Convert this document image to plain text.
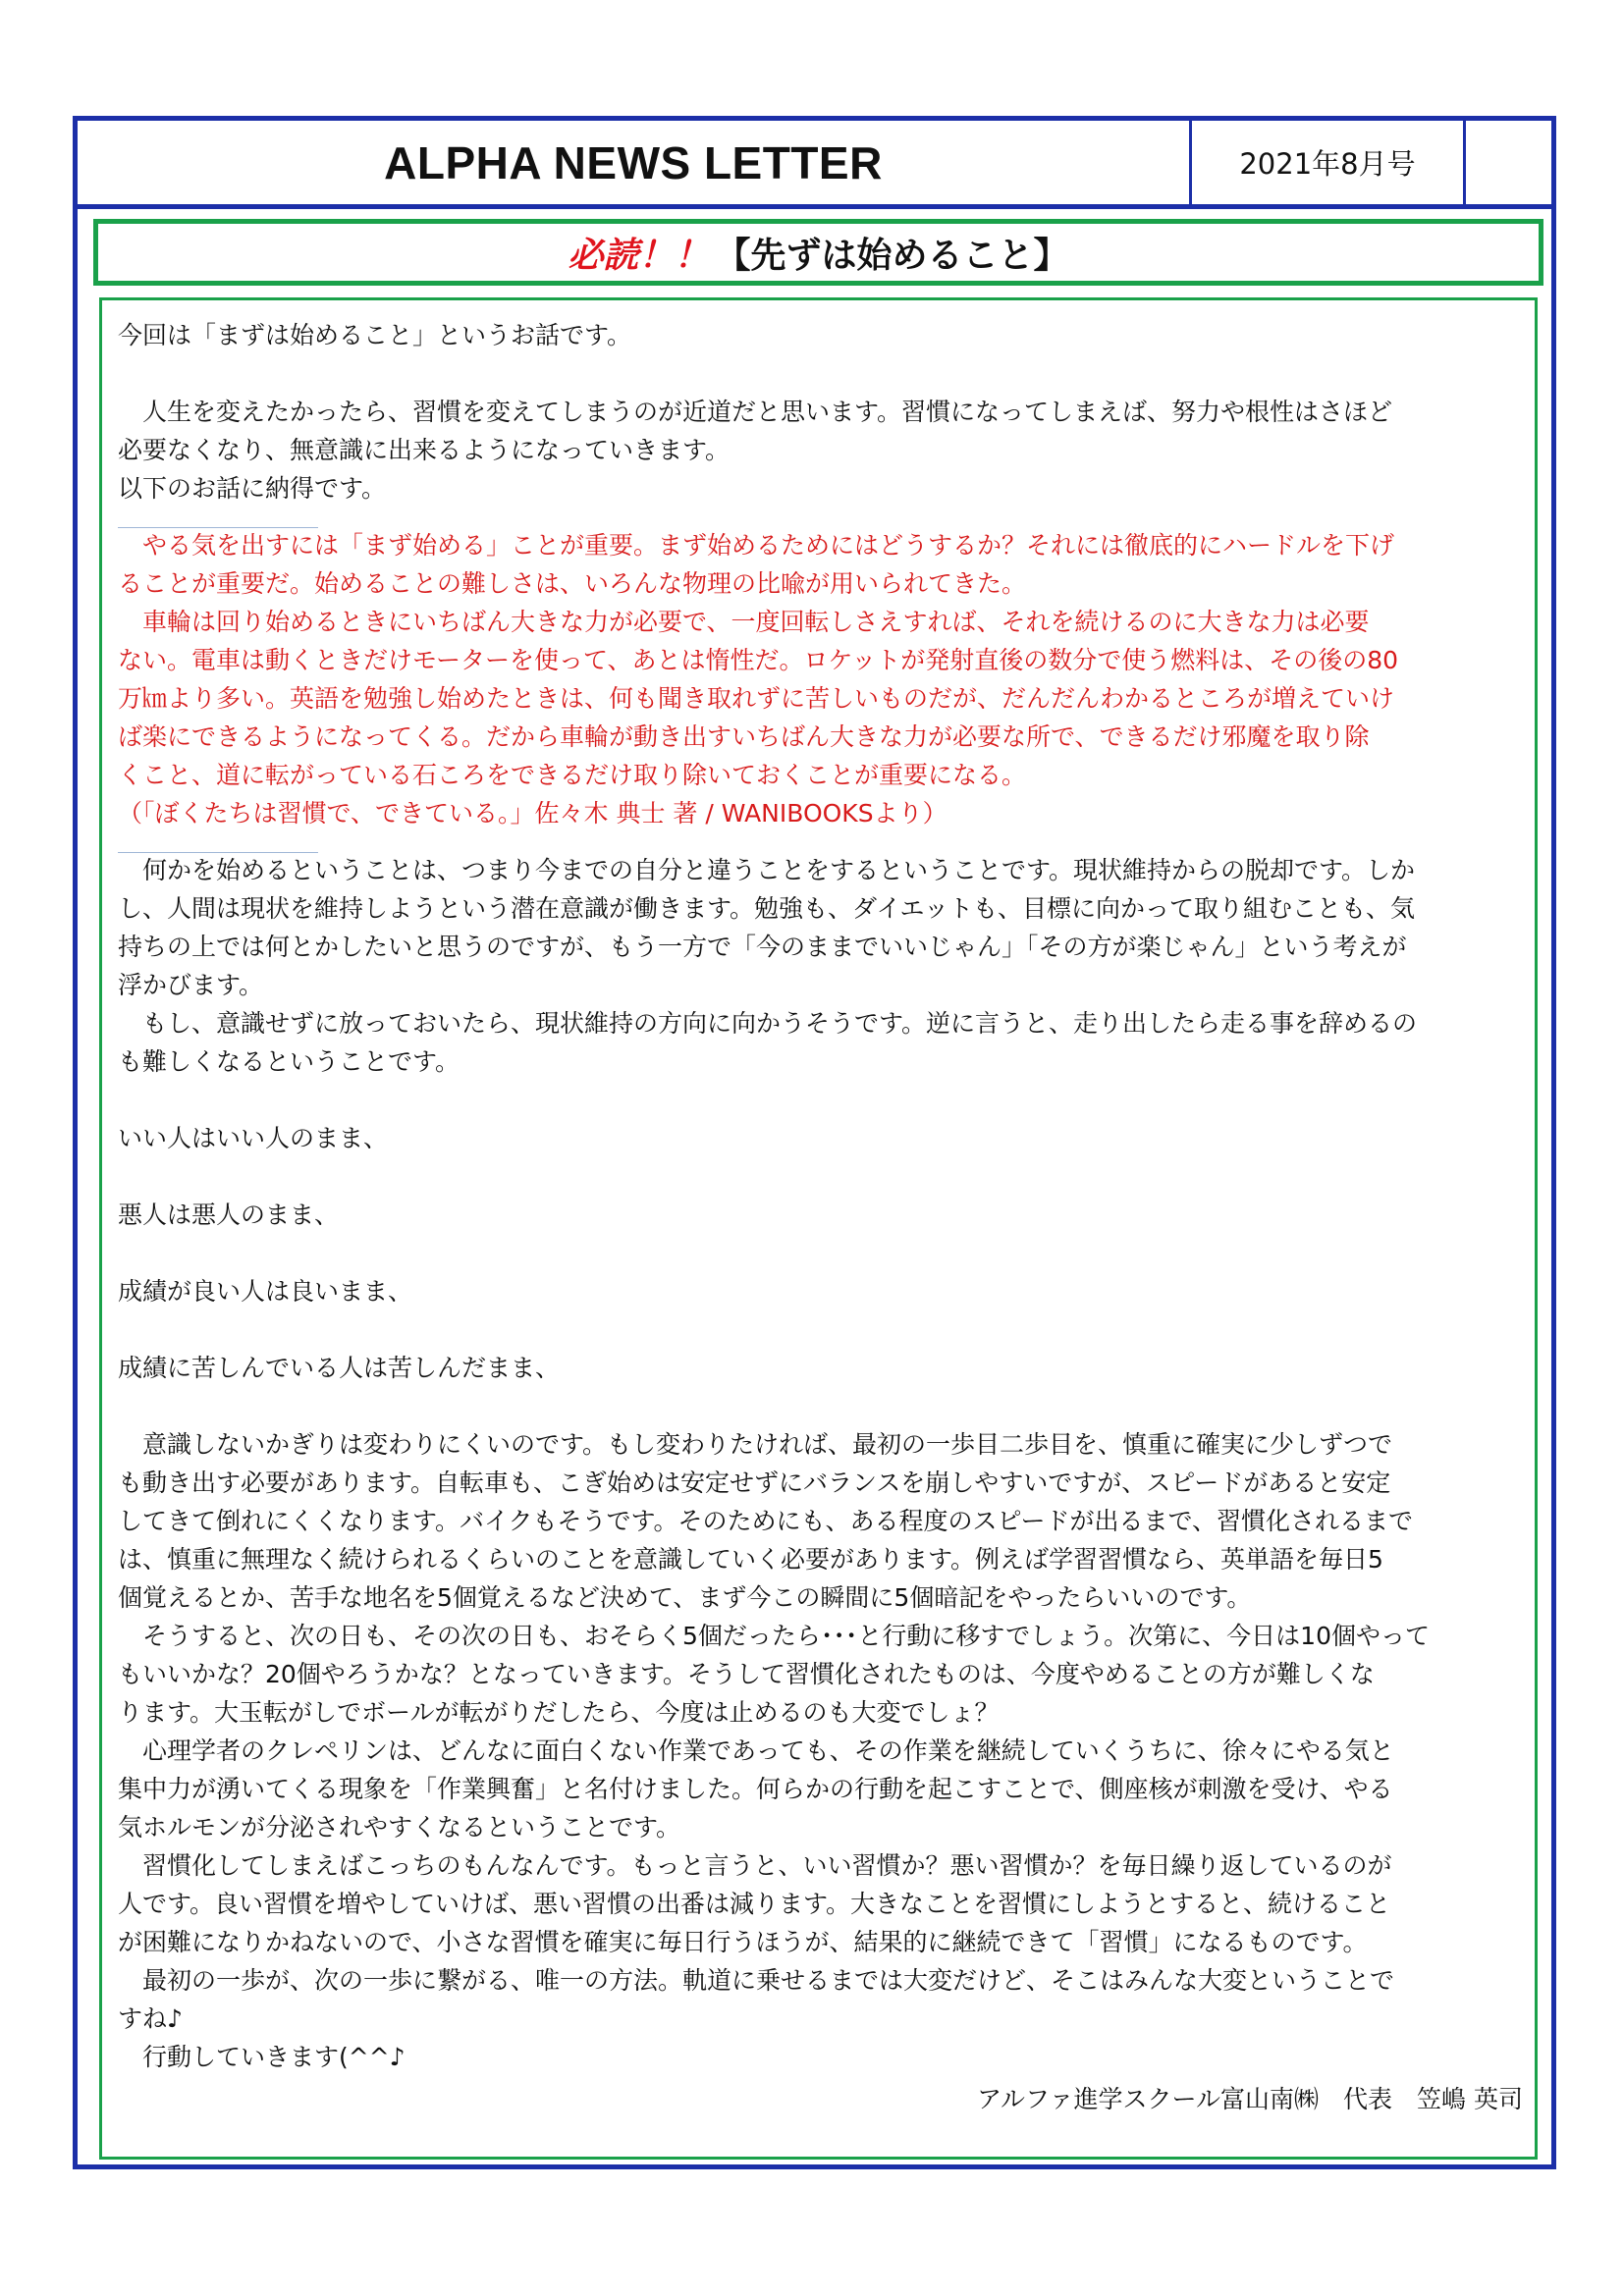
ALPHA NEWS LETTER	2021年8月号
必読！！ 【先ずは始めること】

今回は「まずは始めること」というお話です。

　人生を変えたかったら、習慣を変えてしまうのが近道だと思います。習慣になってしまえば、努力や根性はさほど

必要なくなり、無意識に出来るようになっていきます。

以下のお話に納得です。

　やる気を出すには「まず始める」ことが重要。まず始めるためにはどうするか？それには徹底的にハードルを下げ

ることが重要だ。始めることの難しさは、いろんな物理の比喩が用いられてきた。

　車輪は回り始めるときにいちばん大きな力が必要で、一度回転しさえすれば、それを続けるのに大きな力は必要

ない。電車は動くときだけモーターを使って、あとは惰性だ。ロケットが発射直後の数分で使う燃料は、その後の80

万㎞より多い。英語を勉強し始めたときは、何も聞き取れずに苦しいものだが、だんだんわかるところが増えていけ

ば楽にできるようになってくる。だから車輪が動き出すいちばん大きな力が必要な所で、できるだけ邪魔を取り除

くこと、道に転がっている石ころをできるだけ取り除いておくことが重要になる。

（「ぼくたちは習慣で、できている。」佐々木 典士 著 / WANIBOOKSより）

　何かを始めるということは、つまり今までの自分と違うことをするということです。現状維持からの脱却です。しか

し、人間は現状を維持しようという潜在意識が働きます。勉強も、ダイエットも、目標に向かって取り組むことも、気

持ちの上では何とかしたいと思うのですが、もう一方で「今のままでいいじゃん」「その方が楽じゃん」という考えが

浮かびます。

　もし、意識せずに放っておいたら、現状維持の方向に向かうそうです。逆に言うと、走り出したら走る事を辞めるの

も難しくなるということです。

いい人はいい人のまま、

悪人は悪人のまま、

成績が良い人は良いまま、

成績に苦しんでいる人は苦しんだまま、

　意識しないかぎりは変わりにくいのです。もし変わりたければ、最初の一歩目二歩目を、慎重に確実に少しずつで

も動き出す必要があります。自転車も、こぎ始めは安定せずにバランスを崩しやすいですが、スピードがあると安定

してきて倒れにくくなります。バイクもそうです。そのためにも、ある程度のスピードが出るまで、習慣化されるまで

は、慎重に無理なく続けられるくらいのことを意識していく必要があります。例えば学習習慣なら、英単語を毎日5

個覚えるとか、苦手な地名を5個覚えるなど決めて、まず今この瞬間に5個暗記をやったらいいのです。

　そうすると、次の日も、その次の日も、おそらく5個だったら･･･と行動に移すでしょう。次第に、今日は10個やって

もいいかな？20個やろうかな？となっていきます。そうして習慣化されたものは、今度やめることの方が難しくな

ります。大玉転がしでボールが転がりだしたら、今度は止めるのも大変でしょ？

　心理学者のクレペリンは、どんなに面白くない作業であっても、その作業を継続していくうちに、徐々にやる気と

集中力が湧いてくる現象を「作業興奮」と名付けました。何らかの行動を起こすことで、側座核が刺激を受け、やる

気ホルモンが分泌されやすくなるということです。

　習慣化してしまえばこっちのもんなんです。もっと言うと、いい習慣か？悪い習慣か？を毎日繰り返しているのが

人です。良い習慣を増やしていけば、悪い習慣の出番は減ります。大きなことを習慣にしようとすると、続けること

が困難になりかねないので、小さな習慣を確実に毎日行うほうが、結果的に継続できて「習慣」になるものです。

　最初の一歩が、次の一歩に繋がる、唯一の方法。軌道に乗せるまでは大変だけど、そこはみんな大変ということで

すね♪

　行動していきます(^^♪

アルファ進学スクール富山南㈱　代表　笠嶋 英司
